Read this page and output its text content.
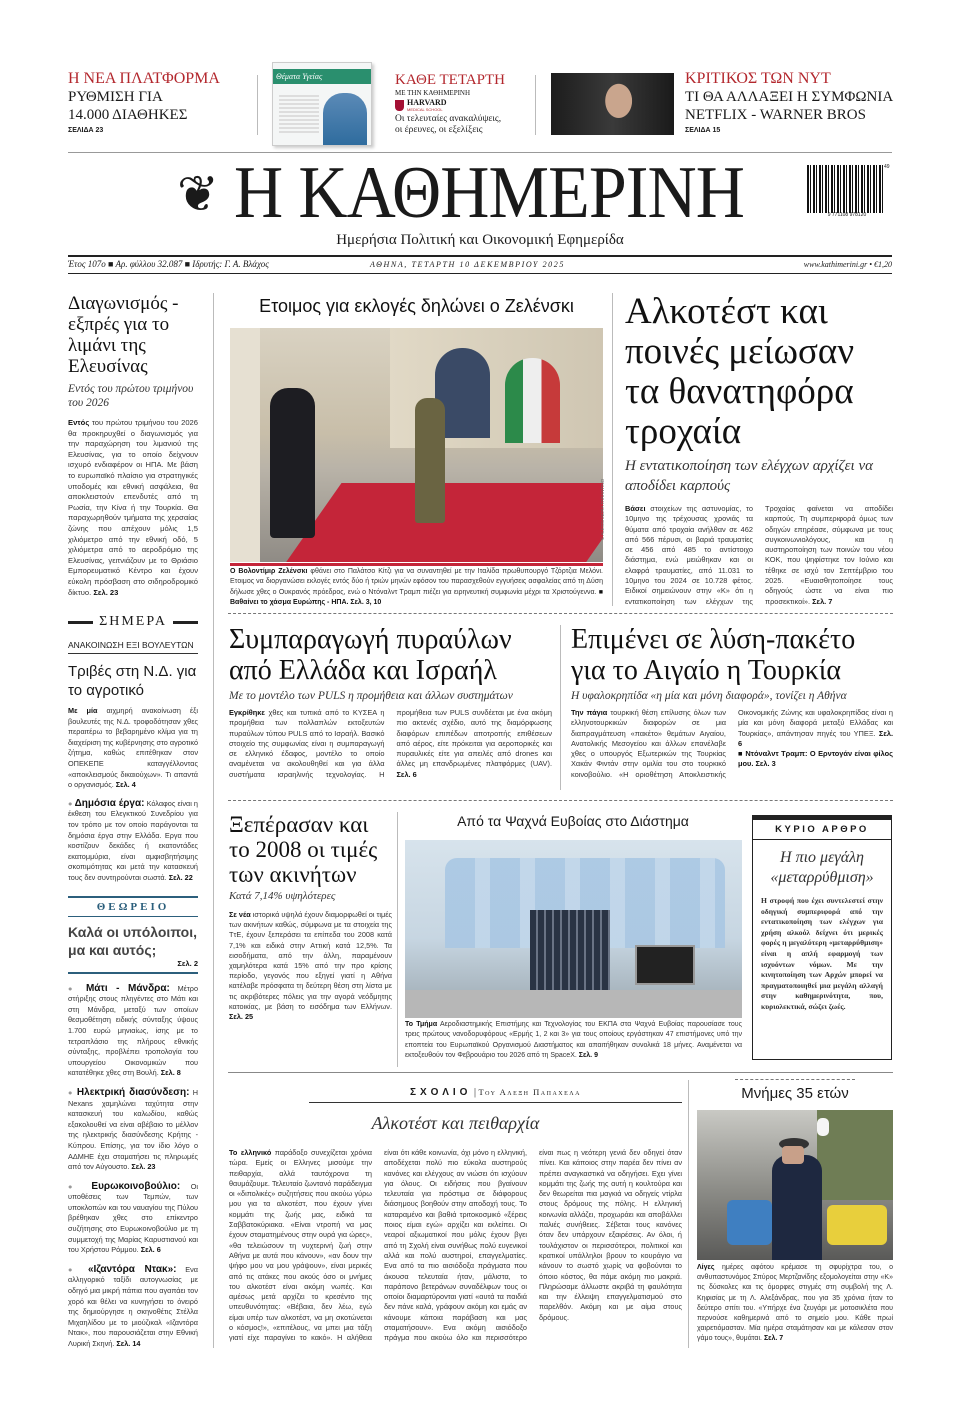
Η ΝΕΑ ΠΛΑΤΦΟΡΜΑ
ΡΥΘΜΙΣΗ ΓΙΑ 14.000 ΔΙΑΘΗΚΕΣ
ΣΕΛΙΔΑ 23
Θέματα Υγείας	ΚΑΘΕ ΤΕΤΑΡΤΗ
ΜΕ ΤΗΝ ΚΑΘΗΜΕΡΙΝΗ
HARVARD
MEDICAL SCHOOL
Οι τελευταίες ανακαλύψεις, οι έρευνες, οι εξελίξεις
ΚΡΙΤΙΚΟΣ ΤΩΝ ΝΥΤ
ΤΙ ΘΑ ΑΛΛΑΞΕΙ Η ΣΥΜΦΩΝΙΑ NETFLIX - WARNER BROS
ΣΕΛΙΔΑ 15
❦ Η ΚΑΘΗΜΕΡΙΝΗ	9 771108 978120
49
Ημερήσια Πολιτική και Οικονομική Εφημερίδα
Έτος 107ο ■ Αρ. φύλλου 32.087 ■ Ιδρυτής: Γ. Α. Βλάχος	ΑΘΗΝΑ, ΤΕΤΑΡΤΗ 10 ΔΕΚΕΜΒΡΙΟΥ 2025	www.kathimerini.gr • €1,20
Διαγωνισμός - εξπρές για το λιμάνι της Ελευσίνας
Εντός του πρώτου τριμήνου του 2026
Εντός του πρώτου τριμήνου του 2026 θα προκηρυχθεί ο διαγωνισμός για την παραχώρηση του λιμανιού της Ελευσίνας, για το οποίο δείχνουν ισχυρό ενδιαφέρον οι ΗΠΑ. Με βάση το ευρωπαϊκό πλαίσιο για στρατηγικές υποδομές και εθνική ασφάλεια, θα αποκλειστούν επενδυτές από τη Ρωσία, την Κίνα ή την Τουρκία. Θα παραχωρηθούν τμήματα της χερσαίας ζώνης που απέχουν μόλις 1,5 χιλιόμετρο από την εθνική οδό, 5 χιλιόμετρα από το αεροδρόμιο της Ελευσίνας, γειτνιάζουν με το Θριάσιο Εμπορευματικό Κέντρο και έχουν εύκολη πρόσβαση στο σιδηροδρομικό δίκτυο. Σελ. 23
ΣΗΜΕΡΑ
ΑΝΑΚΟΙΝΩΣΗ ΕΞΙ ΒΟΥΛΕΥΤΩΝ
Τριβές στη Ν.Δ. για το αγροτικό
Με μία αιχμηρή ανακοίνωση έξι βουλευτές της Ν.Δ. τροφοδότησαν χθες περαιτέρω το βεβαρημένο κλίμα για τη διαχείριση της κυβέρνησης στο αγροτικό ζήτημα, καθώς επιτέθηκαν στον ΟΠΕΚΕΠΕ καταγγέλλοντας «αποκλεισμούς δικαιούχων». Τι απαντά ο οργανισμός. Σελ. 4
● Δημόσια έργα: Κόλαφος είναι η έκθεση του Ελεγκτικού Συνεδρίου για τον τρόπο με τον οποίο παράγονται τα δημόσια έργα στην Ελλάδα. Εργα που κοστίζουν δεκάδες ή εκατοντάδες εκατομμύρια, είναι αμφισβητήσιμης σκοπιμότητας και μετά την κατασκευή τους δεν συντηρούνται σωστά. Σελ. 22
ΘΕΩΡΕΙΟ
Καλά οι υπόλοιποι, μα και αυτός;
Σελ. 2
● Μάτι - Μάνδρα: Μέτρο στήριξης στους πληγέντες στο Μάτι και στη Μάνδρα, μεταξύ των οποίων θεσμοθέτηση ειδικής σύνταξης ύψους 1.700 ευρώ μηνιαίως, ίσης με το τετραπλάσιο της πλήρους εθνικής σύνταξης, προβλέπει τροπολογία του υπουργείου Οικονομικών που κατατέθηκε χθες στη Βουλή. Σελ. 8
● Ηλεκτρική διασύνδεση: Η Nexans χαμηλώνει ταχύτητα στην κατασκευή του καλωδίου, καθώς εξακολουθεί να είναι αβέβαιο το μέλλον της ηλεκτρικής διασύνδεσης Κρήτης - Κύπρου. Επίσης, για τον ίδιο λόγο ο ΑΔΜΗΕ έχει σταματήσει τις πληρωμές από τον Αύγουστο. Σελ. 23
● Ευρωκοινοβούλιο: Οι υποθέσεις των Τεμπών, των υποκλοπών και του ναυαγίου της Πύλου βρέθηκαν χθες στο επίκεντρο συζήτησης στο Ευρωκοινοβούλιο με τη συμμετοχή της Μαρίας Καρυστιανού και του Χρήστου Ρόμμου. Σελ. 6
● «Ιζαντόρα Ντακ»: Ενα αλληγορικό ταξίδι αυτογνωσίας με οδηγό μια μικρή πάπια που αγαπάει τον χορό και θέλει να κυνηγήσει το όνειρό της δημιούργησε η σκηνοθέτις Στέλλα Μιχαηλίδου με το μιούζικαλ «Ιζαντόρα Ντακ», που παρουσιάζεται στην Εθνική Λυρική Σκηνή. Σελ. 14
Ετοιμος για εκλογές δηλώνει ο Ζελένσκι
© ALESSANDRA TARANTINO
Ο Βολοντίμιρ Ζελένσκι φθάνει στο Παλάτσο Κίτζι για να συναντηθεί με την Ιταλίδα πρωθυπουργό Τζόρτζια Μελόνι. Ετοιμος να διοργανώσει εκλογές εντός δύο ή τριών μηνών εφόσον του παρασχεθούν εγγυήσεις ασφαλείας από τη Δύση δήλωσε χθες ο Ουκρανός πρόεδρος, ενώ ο Ντόναλντ Τραμπ πιέζει για ειρηνευτική συμφωνία μέχρι τα Χριστούγεννα. ■ Βαθαίνει το χάσμα Ευρώπης - ΗΠΑ. Σελ. 3, 10
Αλκοτέστ και ποινές μείωσαν τα θανατηφόρα τροχαία
Η εντατικοποίηση των ελέγχων αρχίζει να αποδίδει καρπούς
Βάσει στοιχείων της αστυνομίας, το 10μηνο της τρέχουσας χρονιάς τα θύματα από τροχαία ανήλθαν σε 462 από 566 πέρυσι, οι βαριά τραυματίες σε 456 από 485 το αντίστοιχο διάστημα, ενώ μειώθηκαν και οι ελαφρά τραυματίες, από 11.031 το 10μηνο του 2024 σε 10.728 φέτος. Ειδικοί σημειώνουν στην «Κ» ότι η εντατικοποίηση των ελέγχων της Τροχαίας φαίνεται να αποδίδει καρπούς. Τη συμπεριφορά όμως των οδηγών επηρέασε, σύμφωνα με τους συγκοινωνιολόγους, και η αυστηροποίηση των ποινών του νέου ΚΟΚ, που ψηφίστηκε τον Ιούνιο και τέθηκε σε ισχύ τον Σεπτέμβριο του 2025. «Ευαισθητοποίησε τους οδηγούς ώστε να είναι πιο προσεκτικοί». Σελ. 7
Συμπαραγωγή πυραύλων από Ελλάδα και Ισραήλ
Με το μοντέλο των PULS η προμήθεια και άλλων συστημάτων
Εγκρίθηκε χθες και τυπικά από το ΚΥΣΕΑ η προμήθεια των πολλαπλών εκτοξευτών πυραύλων τύπου PULS από το Ισραήλ. Βασικό στοιχείο της συμφωνίας είναι η συμπαραγωγή σε ελληνικό έδαφος, μοντέλο το οποίο αναμένεται να ακολουθηθεί και για άλλα συστήματα ισραηλινής τεχνολογίας. Η προμήθεια των PULS συνδέεται με ένα ακόμη πιο ακτενές σχέδιο, αυτό της διαμόρφωσης διαφόρων επιπέδων αποτροπής επιθέσεων από αέρος, είτε πρόκειται για αεροπορικές και πυραυλικές είτε για απειλές από drones και άλλες μη επανδρωμένες πλατφόρμες (UAV). Σελ. 6
Επιμένει σε λύση-πακέτο για το Αιγαίο η Τουρκία
Η υφαλοκρηπίδα «η μία και μόνη διαφορά», τονίζει η Αθήνα
Την πάγια τουρκική θέση επίλυσης όλων των ελληνοτουρκικών διαφορών σε μια διαπραγμάτευση «πακέτο» θεμάτων Αιγαίου, Ανατολικής Μεσογείου και άλλων επανέλαβε χθες ο υπουργός Εξωτερικών της Τουρκίας Χακάν Φιντάν στην ομιλία του στο τουρκικό κοινοβούλιο. «Η οριοθέτηση Αποκλειστικής Οικονομικής Ζώνης και υφαλοκρηπίδας είναι η μία και μόνη διαφορά μεταξύ Ελλάδας και Τουρκίας», απάντησαν πηγές του ΥΠΕΞ. Σελ. 6
■ Ντόναλντ Τραμπ: Ο Ερντογάν είναι φίλος μου. Σελ. 3
Ξεπέρασαν και το 2008 οι τιμές των ακινήτων
Κατά 7,14% υψηλότερες
Σε νέα ιστορικά υψηλά έχουν διαμορφωθεί οι τιμές των ακινήτων καθώς, σύμφωνα με τα στοιχεία της ΤτΕ, έχουν ξεπεράσει τα επίπεδα του 2008 κατά 7,1% και ειδικά στην Αττική κατά 12,5%. Τα εισοδήματα, από την άλλη, παραμένουν χαμηλότερα κατά 15% από την προ κρίσης περίοδο, γεγονός που εξηγεί γιατί η Αθήνα κατέλαβε πρόσφατα τη δεύτερη θέση στη λίστα με τις ακριβότερες πόλεις για την αγορά νεόδμητης κατοικίας, με βάση το εισόδημα των Ελλήνων. Σελ. 25
Από τα Ψαχνά Ευβοίας στο Διάστημα
Το Τμήμα Αεροδιαστημικής Επιστήμης και Τεχνολογίας του ΕΚΠΑ στα Ψαχνά Ευβοίας παρουσίασε τους τρεις πρώτους νανοδορυφόρους «Ερμής 1, 2 και 3» για τους οποίους εργάστηκαν 47 επιστήμονες υπό την εποπτεία του Ευρωπαϊκού Οργανισμού Διαστήματος και απαιτήθηκαν συνολικά 18 μήνες. Αναμένεται να εκτοξευθούν τον Φεβρουάριο του 2026 από τη SpaceX. Σελ. 9
ΚΥΡΙΟ ΑΡΘΡΟ
Η πιο μεγάλη «μεταρρύθμιση»
Η στροφή που έχει συντελεστεί στην οδηγική συμπεριφορά από την εντατικοποίηση των ελέγχων για χρήση αλκοόλ δείχνει ότι μερικές φορές η μεγαλύτερη «μεταρρύθμιση» είναι η απλή εφαρμογή των ισχυόντων νόμων. Με την κινητοποίηση των Αρχών μπορεί να πραγματοποιηθεί μια μεγάλη αλλαγή στην καθημερινότητα, που, κυριολεκτικά, σώζει ζωές.
ΣΧΟΛΙΟ | Του Αλεξη Παπαχελα
Αλκοτέστ και πειθαρχία
Το ελληνικό παράδοξο συνεχίζεται χρόνια τώρα. Εμείς οι Ελληνες μισούμε την πειθαρχία, αλλά ταυτόχρονα τη θαυμάζουμε. Τελευταίο ζωντανό παράδειγμα οι «διπολικές» συζητήσεις που ακούω γύρω μου για τα αλκοτέστ, που έχουν γίνει κομμάτι της ζωής μας, ειδικά τα Σαββατοκύριακα. «Είναι ντροπή να μας έχουν σταματημένους στην ουρά για ώρες», «θα τελειώσουν τη νυχτερινή ζωή στην Αθήνα με αυτά που κάνουν», «αν δουν την ψήφο μου να μου γράψουν», είναι μερικές από τις ατάκες που ακούς όσο οι μνήμες του αλκοτέστ είναι ακόμη νωπές. Και αμέσως μετά αρχίζει το κρεσέντο της υπευθυνότητας: «Βέβαια, δεν λέω, εγώ είμαι υπέρ των αλκοτέστ, να μη σκοτώνεται ο κόσμος!», «επιτέλους, να μπει μια τάξη γιατί είχε παραγίνει το κακό». Η αλήθεια είναι ότι κάθε κοινωνία, όχι μόνο η ελληνική, αποδέχεται πολύ πιο εύκολα αυστηρούς κανόνες και ελέγχους αν νιώσει ότι ισχύουν για όλους. Οι ειδήσεις που βγαίνουν τελευταία για πρόστιμα σε διάφορους διάσημους βοηθούν στην αποδοχή τους. Το καταραμένο και βαθιά τριτοκοσμικό «ξέρεις ποιος είμαι εγώ» αρχίζει και εκλείπει. Οι νεαροί αξιωματικοί που μόλις έχουν βγει από τη Σχολή είναι συνήθως πολύ ευγενικοί αλλά και πολύ αυστηροί, επαγγελματίες. Ενα από τα πιο αισιόδοξα πράγματα που άκουσα τελευταία ήταν, μάλιστα, το παράπονο βετεράνων συναδέλφων τους οι οποίοι διαμαρτύρονται γιατί «αυτά τα παιδιά δεν πάνε καλά, γράφουν ακόμη και εμάς αν κάνουμε κάποια παράβαση και μας σταματήσουν». Ενα ακόμη αισιόδοξο πράγμα που ακούω όλο και περισσότερο είναι πως η νεότερη γενιά δεν οδηγεί όταν πίνει. Και κάποιος στην παρέα δεν πίνει αν πρέπει αναγκαστικά να οδηγήσει. Εχει γίνει κομμάτι της ζωής της αυτή η κουλτούρα και δεν θεωρείται πια μαγκιά να οδηγείς ντίρλα στους δρόμους της πόλης. Η ελληνική κοινωνία αλλάζει, προχωράει και αποβάλλει παλιές συνήθειες. Σέβεται τους κανόνες όταν δεν υπάρχουν εξαιρέσεις. Αν όλοι, ή τουλάχιστον οι περισσότεροι, πολιτικοί και κρατικοί υπάλληλοι βρουν το κουράγιο να κάνουν το σωστό χωρίς να φοβούνται το όποιο κόστος, θα πάμε ακόμη πιο μακριά. Πληρώσαμε άλλωστε ακριβά τη φαυλότητα και την έλλειψη επαγγελματισμού στο παρελθόν. Ακόμη και με αίμα στους δρόμους.
Μνήμες 35 ετών
Λίγες ημέρες αφότου κρέμασε τη σφυρίχτρα του, ο ανθυπαστυνόμος Σπύρος Μερτζανίδης εξομολογείται στην «Κ» τις δύσκολες και τις όμορφες στιγμές στη συμβολή της Λ. Κηφισίας με τη Λ. Αλεξάνδρας, που για 35 χρόνια ήταν το δεύτερο σπίτι του. «Υπήρχε ένα ζευγάρι με μοτοσικλέτα που περνούσε καθημερινά από το σημείο μου. Κάθε πρωί χαιρετιόμασταν. Μία ημέρα σταμάτησαν και με κάλεσαν στον γάμο τους», θυμάται. Σελ. 7
